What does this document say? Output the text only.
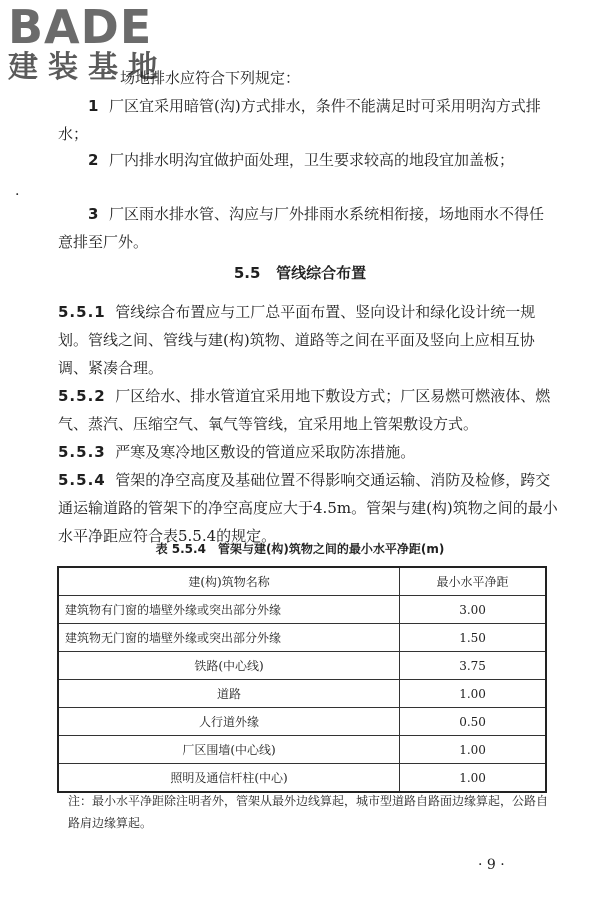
BADE
建装基地

场地排水应符合下列规定：

1 厂区宜采用暗管(沟)方式排水，条件不能满足时可采用明沟方式排水；

2 厂内排水明沟宜做护面处理，卫生要求较高的地段宜加盖板；

.

3 厂区雨水排水管、沟应与厂外排雨水系统相衔接，场地雨水不得任意排至厂外。

5.5 管线综合布置

5.5.1 管线综合布置应与工厂总平面布置、竖向设计和绿化设计统一规划。管线之间、管线与建(构)筑物、道路等之间在平面及竖向上应相互协调、紧凑合理。

5.5.2 厂区给水、排水管道宜采用地下敷设方式；厂区易燃可燃液体、燃气、蒸汽、压缩空气、氧气等管线，宜采用地上管架敷设方式。

5.5.3 严寒及寒冷地区敷设的管道应采取防冻措施。

5.5.4 管架的净空高度及基础位置不得影响交通运输、消防及检修，跨交通运输道路的管架下的净空高度应大于4.5m。管架与建(构)筑物之间的最小水平净距应符合表5.5.4的规定。

表 5.5.4　管架与建(构)筑物之间的最小水平净距(m)
建(构)筑物名称	最小水平净距
建筑物有门窗的墙壁外缘或突出部分外缘	3.00
建筑物无门窗的墙壁外缘或突出部分外缘	1.50
铁路(中心线)	3.75
道路	1.00
人行道外缘	0.50
厂区围墙(中心线)	1.00
照明及通信杆柱(中心)	1.00

注：最小水平净距除注明者外，管架从最外边线算起，城市型道路自路面边缘算起，公路自路肩边缘算起。

· 9 ·
